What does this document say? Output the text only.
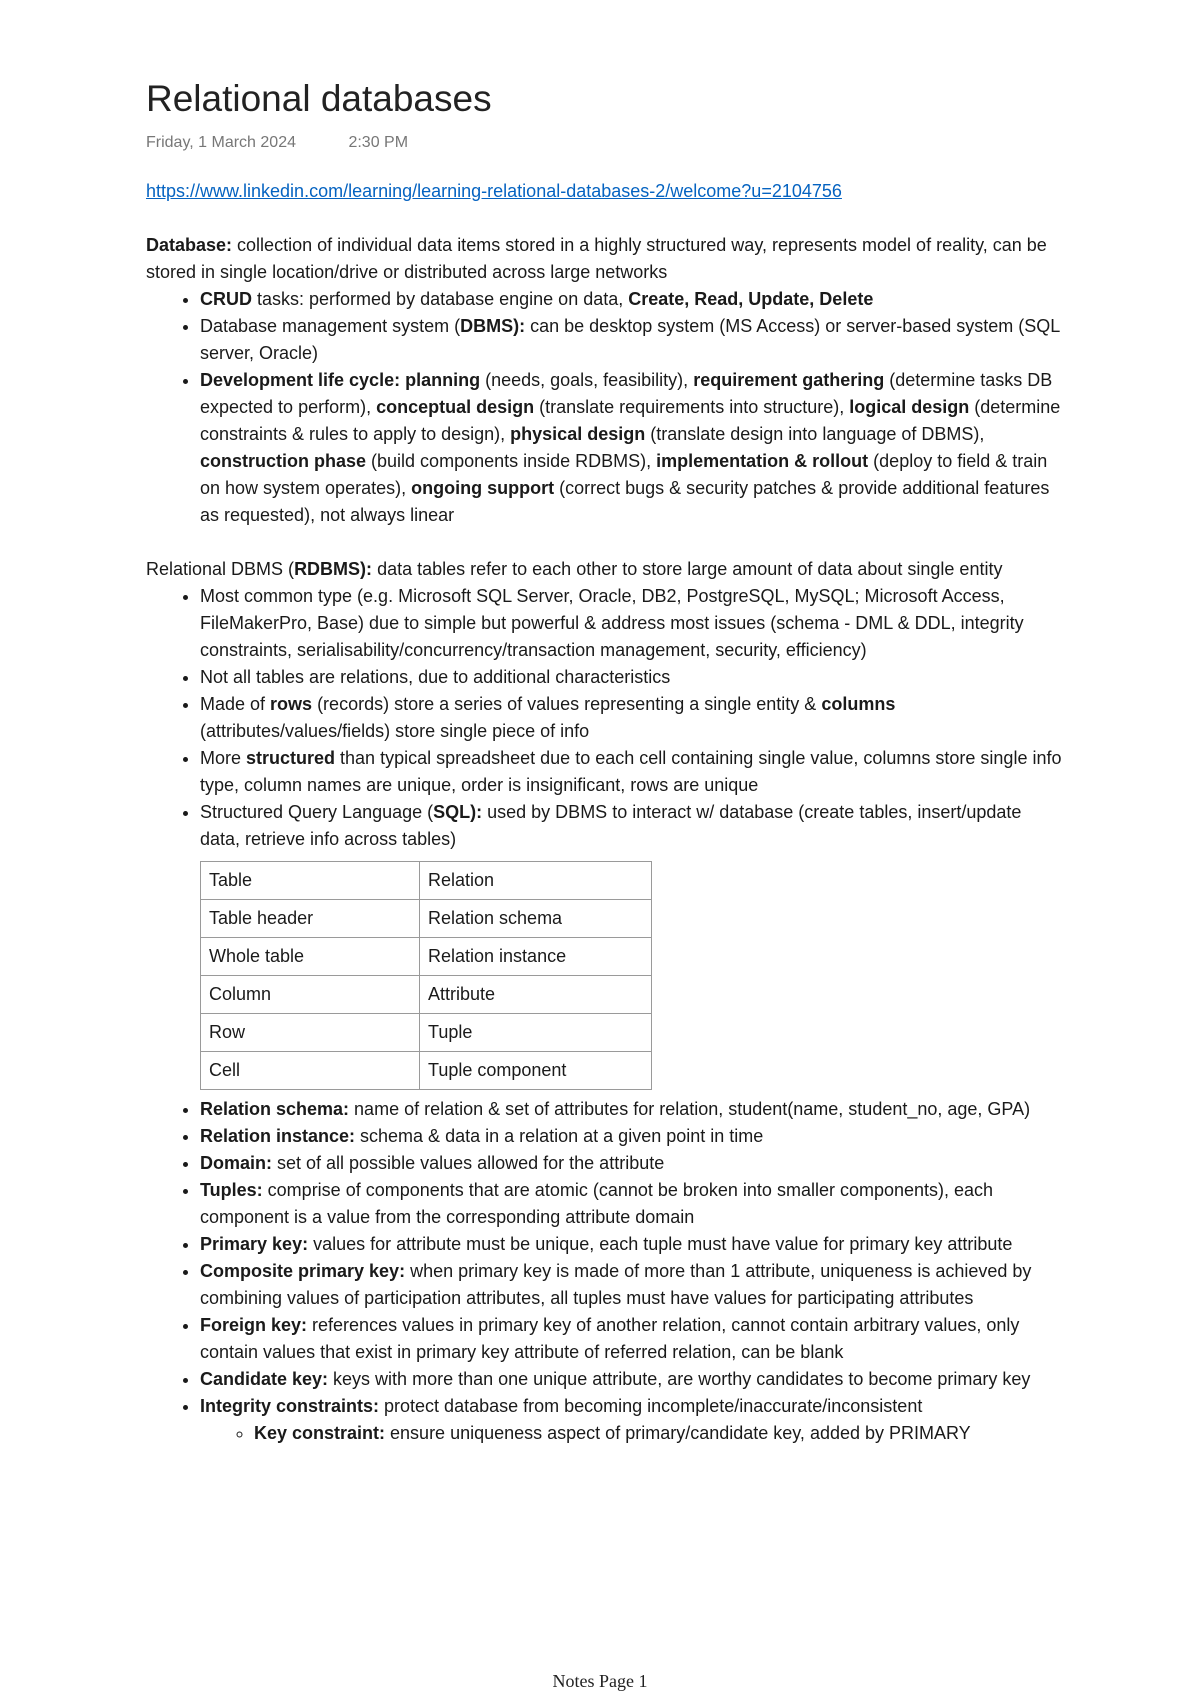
Relational databases
Friday, 1 March 2024	2:30 PM
https://www.linkedin.com/learning/learning-relational-databases-2/welcome?u=2104756

Database: collection of individual data items stored in a highly structured way, represents model of reality, can be stored in single location/drive or distributed across large networks

• CRUD tasks: performed by database engine on data, Create, Read, Update, Delete
• Database management system (DBMS): can be desktop system (MS Access) or server-based system (SQL server, Oracle)
• Development life cycle: planning (needs, goals, feasibility), requirement gathering (determine tasks DB expected to perform), conceptual design (translate requirements into structure), logical design (determine constraints & rules to apply to design), physical design (translate design into language of DBMS), construction phase (build components inside RDBMS), implementation & rollout (deploy to field & train on how system operates), ongoing support (correct bugs & security patches & provide additional features as requested), not always linear

Relational DBMS (RDBMS): data tables refer to each other to store large amount of data about single entity

• Most common type (e.g. Microsoft SQL Server, Oracle, DB2, PostgreSQL, MySQL; Microsoft Access, FileMakerPro, Base) due to simple but powerful & address most issues (schema - DML & DDL, integrity constraints, serialisability/concurrency/transaction management, security, efficiency)
• Not all tables are relations, due to additional characteristics
• Made of rows (records) store a series of values representing a single entity & columns (attributes/values/fields) store single piece of info
• More structured than typical spreadsheet due to each cell containing single value, columns store single info type, column names are unique, order is insignificant, rows are unique
• Structured Query Language (SQL): used by DBMS to interact w/ database (create tables, insert/update data, retrieve info across tables)
Table	Relation
Table header	Relation schema
Whole table	Relation instance
Column	Attribute
Row	Tuple
Cell	Tuple component
• Relation schema: name of relation & set of attributes for relation, student(name, student_no, age, GPA)
• Relation instance: schema & data in a relation at a given point in time
• Domain: set of all possible values allowed for the attribute
• Tuples: comprise of components that are atomic (cannot be broken into smaller components), each component is a value from the corresponding attribute domain
• Primary key: values for attribute must be unique, each tuple must have value for primary key attribute
• Composite primary key: when primary key is made of more than 1 attribute, uniqueness is achieved by combining values of participation attributes, all tuples must have values for participating attributes
• Foreign key: references values in primary key of another relation, cannot contain arbitrary values, only contain values that exist in primary key attribute of referred relation, can be blank
• Candidate key: keys with more than one unique attribute, are worthy candidates to become primary key
• Integrity constraints: protect database from becoming incomplete/inaccurate/inconsistent
◦ Key constraint: ensure uniqueness aspect of primary/candidate key, added by PRIMARY
Notes Page 1
